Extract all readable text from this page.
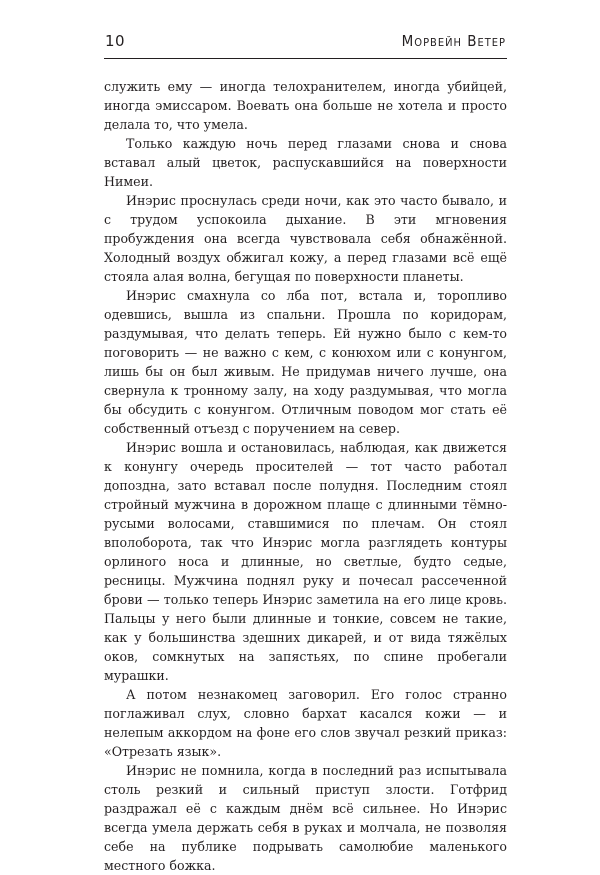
10	Морвейн Ветер

служить ему — иногда телохранителем, иногда убийцей, иногда эмиссаром. Воевать она больше не хотела и просто делала то, что умела.

Только каждую ночь перед глазами снова и снова вставал алый цветок, распускавшийся на поверхности Нимеи.

Инэрис проснулась среди ночи, как это часто бывало, и с трудом успокоила дыхание. В эти мгновения пробуждения она всегда чувствовала себя обнажённой. Холодный воздух обжигал кожу, а перед глазами всё ещё стояла алая волна, бегущая по поверхности планеты.

Инэрис смахнула со лба пот, встала и, торопливо одевшись, вышла из спальни. Прошла по коридорам, раздумывая, что делать теперь. Ей нужно было с кем-то поговорить — не важно с кем, с конюхом или с конунгом, лишь бы он был живым. Не придумав ничего лучше, она свернула к тронному залу, на ходу раздумывая, что могла бы обсудить с конунгом. Отличным поводом мог стать её собственный отъезд с поручением на север.

Инэрис вошла и остановилась, наблюдая, как движется к конунгу очередь просителей — тот часто работал допоздна, зато вставал после полудня. Последним стоял стройный мужчина в дорожном плаще с длинными тёмно-русыми волосами, ставшимися по плечам. Он стоял вполоборота, так что Инэрис могла разглядеть контуры орлиного носа и длинные, но светлые, будто седые, ресницы. Мужчина поднял руку и почесал рассеченной брови — только теперь Инэрис заметила на его лице кровь. Пальцы у него были длинные и тонкие, совсем не такие, как у большинства здешних дикарей, и от вида тяжёлых оков, сомкнутых на запястьях, по спине пробегали мурашки.

А потом незнакомец заговорил. Его голос странно поглаживал слух, словно бархат касался кожи — и нелепым аккордом на фоне его слов звучал резкий приказ: «Отрезать язык».

Инэрис не помнила, когда в последний раз испытывала столь резкий и сильный приступ злости. Готфрид раздражал её с каждым днём всё сильнее. Но Инэрис всегда умела держать себя в руках и молчала, не позволяя себе на публике подрывать самолюбие маленького местного божка.
